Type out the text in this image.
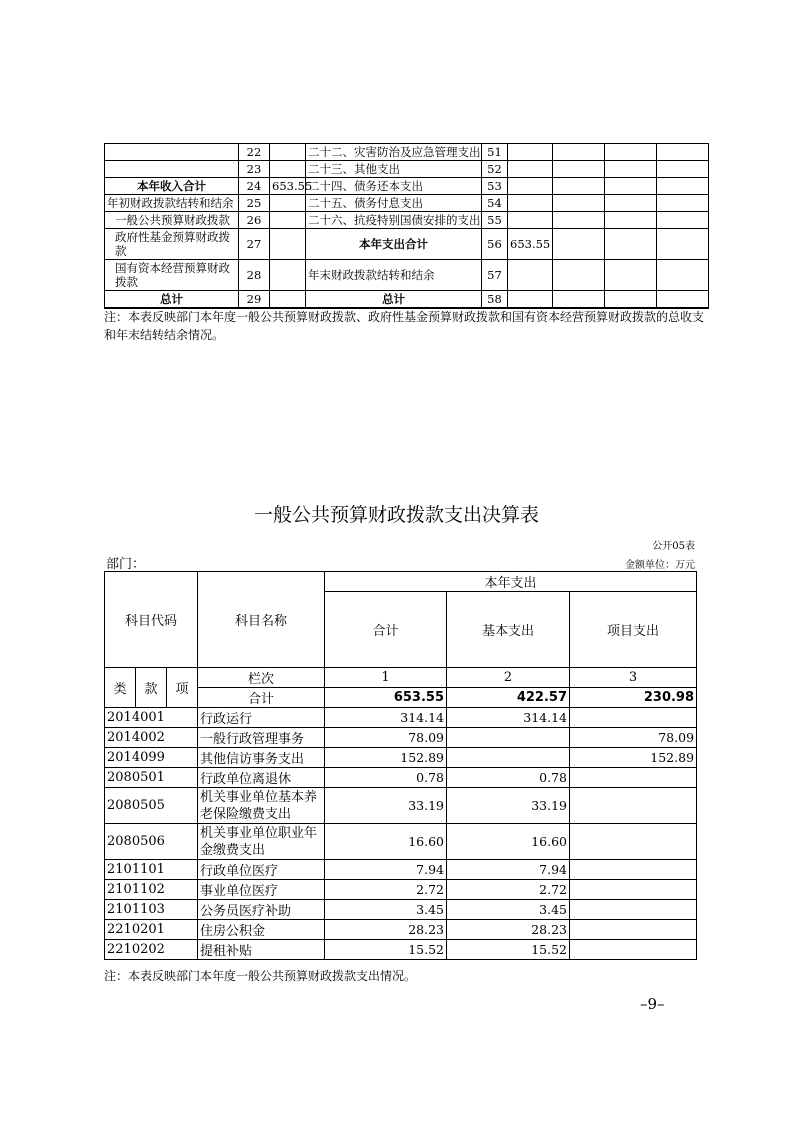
	22		二十二、灾害防治及应急管理支出	51				
	23		二十三、其他支出	52				
本年收入合计	24	653.55	二十四、债务还本支出	53				
年初财政拨款结转和结余	25		二十五、债务付息支出	54				
一般公共预算财政拨款	26		二十六、抗疫特别国债安排的支出	55				
政府性基金预算财政拨款	27		本年支出合计	56	653.55			
国有资本经营预算财政拨款	28		年末财政拨款结转和结余	57				
总计	29		总计	58				
注：本表反映部门本年度一般公共预算财政拨款、政府性基金预算财政拨款和国有资本经营预算财政拨款的总收支和年末结转结余情况。
一般公共预算财政拨款支出决算表
公开05表
部门：	金额单位：万元
科目代码			科目名称	本年支出		
				合计	基本支出	项目支出
类	款	项	栏次	1	2	3
			合计	653.55	422.57	230.98
2014001			行政运行	314.14	314.14	
2014002			一般行政管理事务	78.09		78.09
2014099			其他信访事务支出	152.89		152.89
2080501			行政单位离退休	0.78	0.78	
2080505			机关事业单位基本养老保险缴费支出	33.19	33.19	
2080506			机关事业单位职业年金缴费支出	16.60	16.60	
2101101			行政单位医疗	7.94	7.94	
2101102			事业单位医疗	2.72	2.72	
2101103			公务员医疗补助	3.45	3.45	
2210201			住房公积金	28.23	28.23	
2210202			提租补贴	15.52	15.52	
注：本表反映部门本年度一般公共预算财政拨款支出情况。
–9–
